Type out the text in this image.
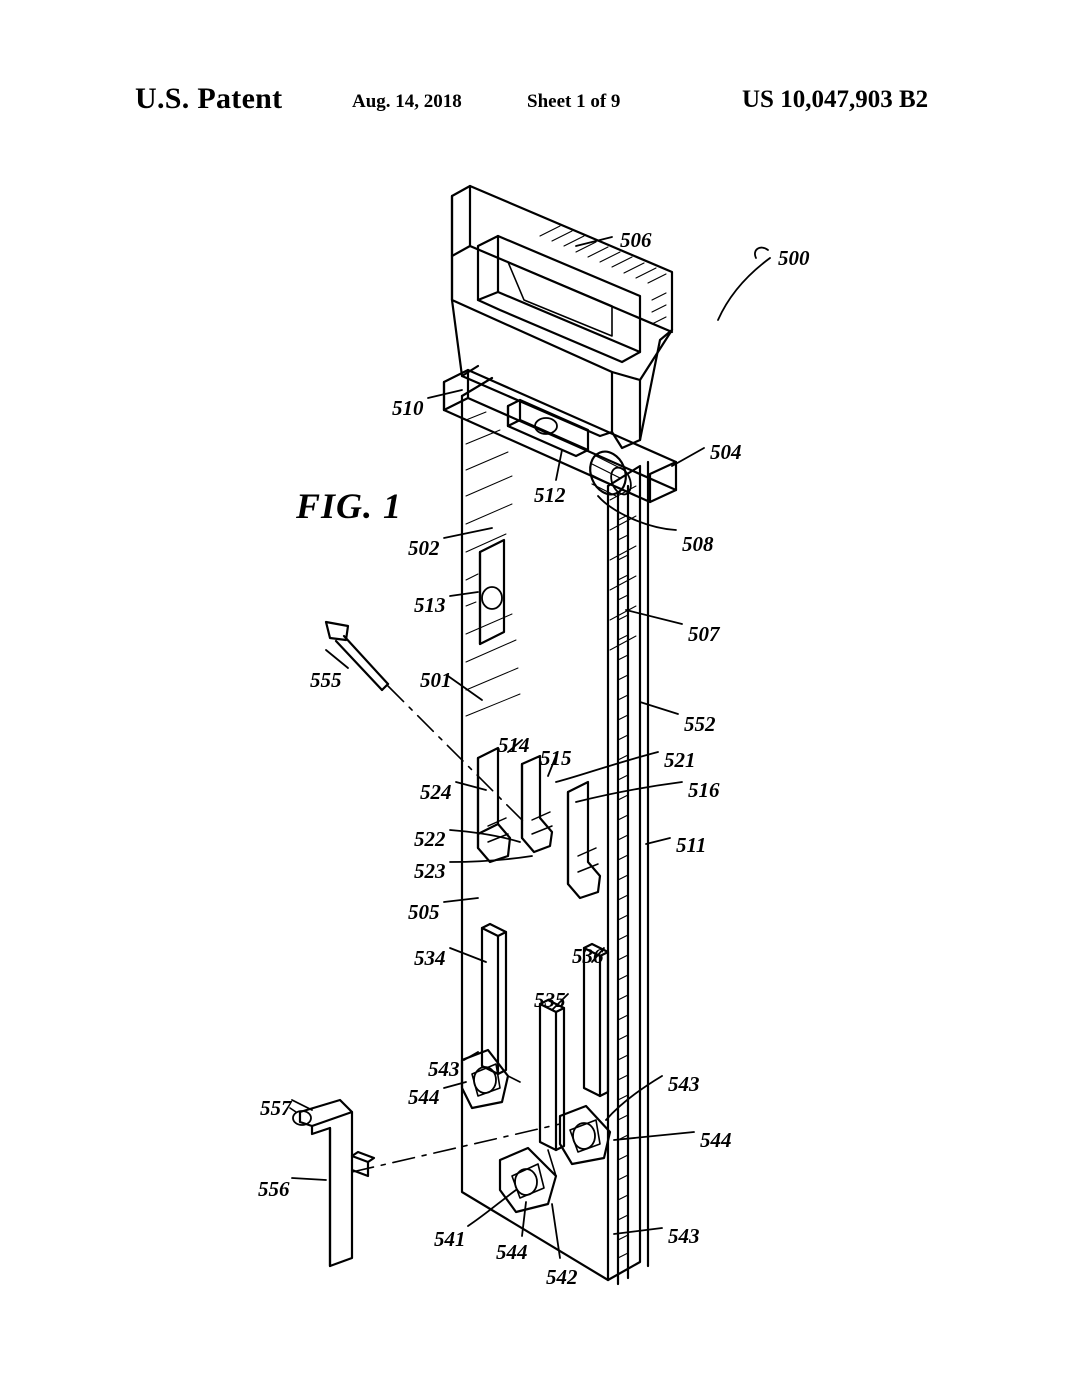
U.S. Patent	Aug. 14, 2018	Sheet 1 of 9	US 10,047,903 B2
FIG. 1
506
500
510
504
512
508
502
513
507
555	501
552
514
515	521
524	516
522
523
511
505
534	536
543
535
544
543
544
557
556
541
544
542
543
